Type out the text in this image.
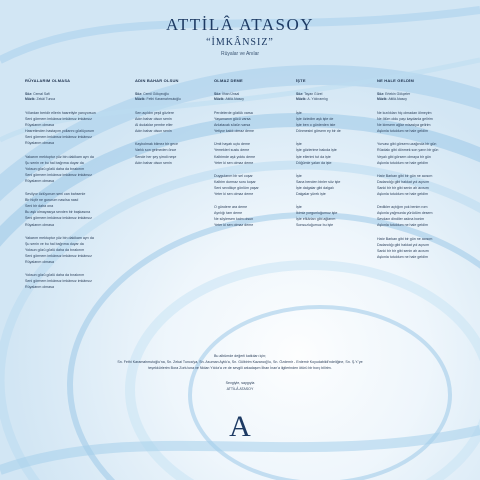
ATTİLÂ ATASOY
“İMKÂNSIZ”
Rüyalar ve Anılar
RÜYALARIM OLMASA
Söz: Cemal Safi
Müzik: Zekâi Tunca
Yıllardan beridir ellerin hasretiyle yanıyorsun
Seni görmem imkânsız imkânsız imkânsız
Rüyalarım olmasa
Hasretimden hastayım yollarını gözlüyorum
Seni görmem imkânsız imkânsız imkânsız
Rüyalarım olmasa
Yakarım mektuptur yüz bin dakikam ayrı da
Şu senin ve bu hal bağrıma duyar da
Yoksun gözü gözlü daha da bırakırım
Seni görmem imkânsız imkânsız imkânsız
Rüyalarım olmasa
Sevilyor özlüyorum seni can bahsenle
Bir hiçtir ne gururum nasılsa nasıl
Seni bir daha ona
Bu aşk olmayasıya sevden bir başkasına
Seni görmem imkânsız imkânsız imkânsız
Rüyalarım olmasa
Yakarım mektuptur yüz bin dakikam ayrı da
Şu senin ve bu hal bağrıma duyar da
Yoksun gözü gözlü daha da bırakırım
Seni görmem imkânsız imkânsız imkânsız
Rüyalarım olmasa
Yoksun gözü gözlü daha da bırakırım
Seni görmem imkânsız imkânsız imkânsız
Rüyalarım olmasa
ADIN BAHAR OLSUN
Söz: Cemil Gökçeoğlu
Müzik: Fethi Karamahmutoğlu
Sen açıldın yeşil gözlere
Adın bahar olsun senin
Al dudaklar pembe eller
Adın bahar olsun senin
Kaybolmak bilmez bir gece
Varlık son gelmeden önce
Sende her şey şimdi neşe
Adın bahar olsun senin
OLMAZ DEME
Söz: İlhan Ünsal
Müzik: Attilâ Atasoy
Perdelerde gözlük varsa
Yaşamanın gücü varsa
Anlatacak sözün varsa
Yetiyor kaldı olmaz deme
Ümit hayatı uçtu deme
Yemekleri sustu deme
Kalbimde aşk yoktu deme
Yeter ki sen olmaz deme
Duygularım bir sel coşar
Kalbim durmaz soru koşar
Seni sevdikçe gönlüm yaşar
Yeter ki sen olmaz deme
O gündere ara deme
Ayrılığı tam deme
Ne söylersen kaim olsun
Yeter ki sen olmaz deme
İŞTE
Söz: Tayan Gürel
Müzik: A. Yıldıramlıg
İşte
İşte özledim aşk işte de
İşte ben o günlerden iste
Dönmesini görsem ey bir de
İşte
İşte gözlerime bakıda işte
İşte ellerimi tut da işte
Döğümle yalan da işte
İşte
Sana benden binler söz işte
İşte dalgalar gibi dalgalı
Dalgalar yürek işte
İşte
İkimiz yorgunluğumuz işte
İşte efkârları gibi ağlarım
Sonsuzluğumuz bu işte
NE HALE GELDİM
Söz: Ertekin Gökçeler
Müzik: Attilâ Atasoy
Ne kızılıkları hiç olmadan ölmeyim
Ne ölüm oldu yaşı kaydanla gelirim
Ne kimsem ağlar misasiya gelirim
Aşkınla tutuldum ne hale geldim
Yurvası gibi görsem uzağında bir gün
Rüzdakı gibi dönmek son yarın bir gün
Veyalı gibi görsem olmaya bir gün
Aşkınla tutuldum ne hale geldim
Hatır Barkan gibi bir gün ne acısım
Dadandığı gibi hakkat yol açısım
Sanki bir bir gibi senin ah acısım
Aşkınla tutuldum ne hale geldim
Dedikler açtığım yok benim rom
Aşkınla yağmurda yürüdüm desem
Sevdaın dindiler aslına bonim
Aşkınla tutuldum ne hale geldim
Hatır Barkan gibi bir gün ne acısım
Dadandığı gibi hakkat yol açısım
Sanki bir bir gibi senin ah acısım
Aşkınla tutuldum ne hale geldim
Bu albümde değerli katkıları için;
Sn. Fethi Karamahmutoğlu'na, Sn. Zekai Tunca'ya, Sn. Asuman Aylık'a, Sn. Gülbirim Kazancığ'lu, Sn. Özdemir - Erdemir Koyudabildi'ndeliğine, Sn. Ş.Y.'ye
teşekkürlerim Bora Zorlu'una ve Nidan Yıldız'a ve de sevgili arkadaşım İlhan İnan'a ilgilerinden ötürü bir borç bilirim.
Sevgiyle, saygıyla
ATTİLÂ ATASOY
A
